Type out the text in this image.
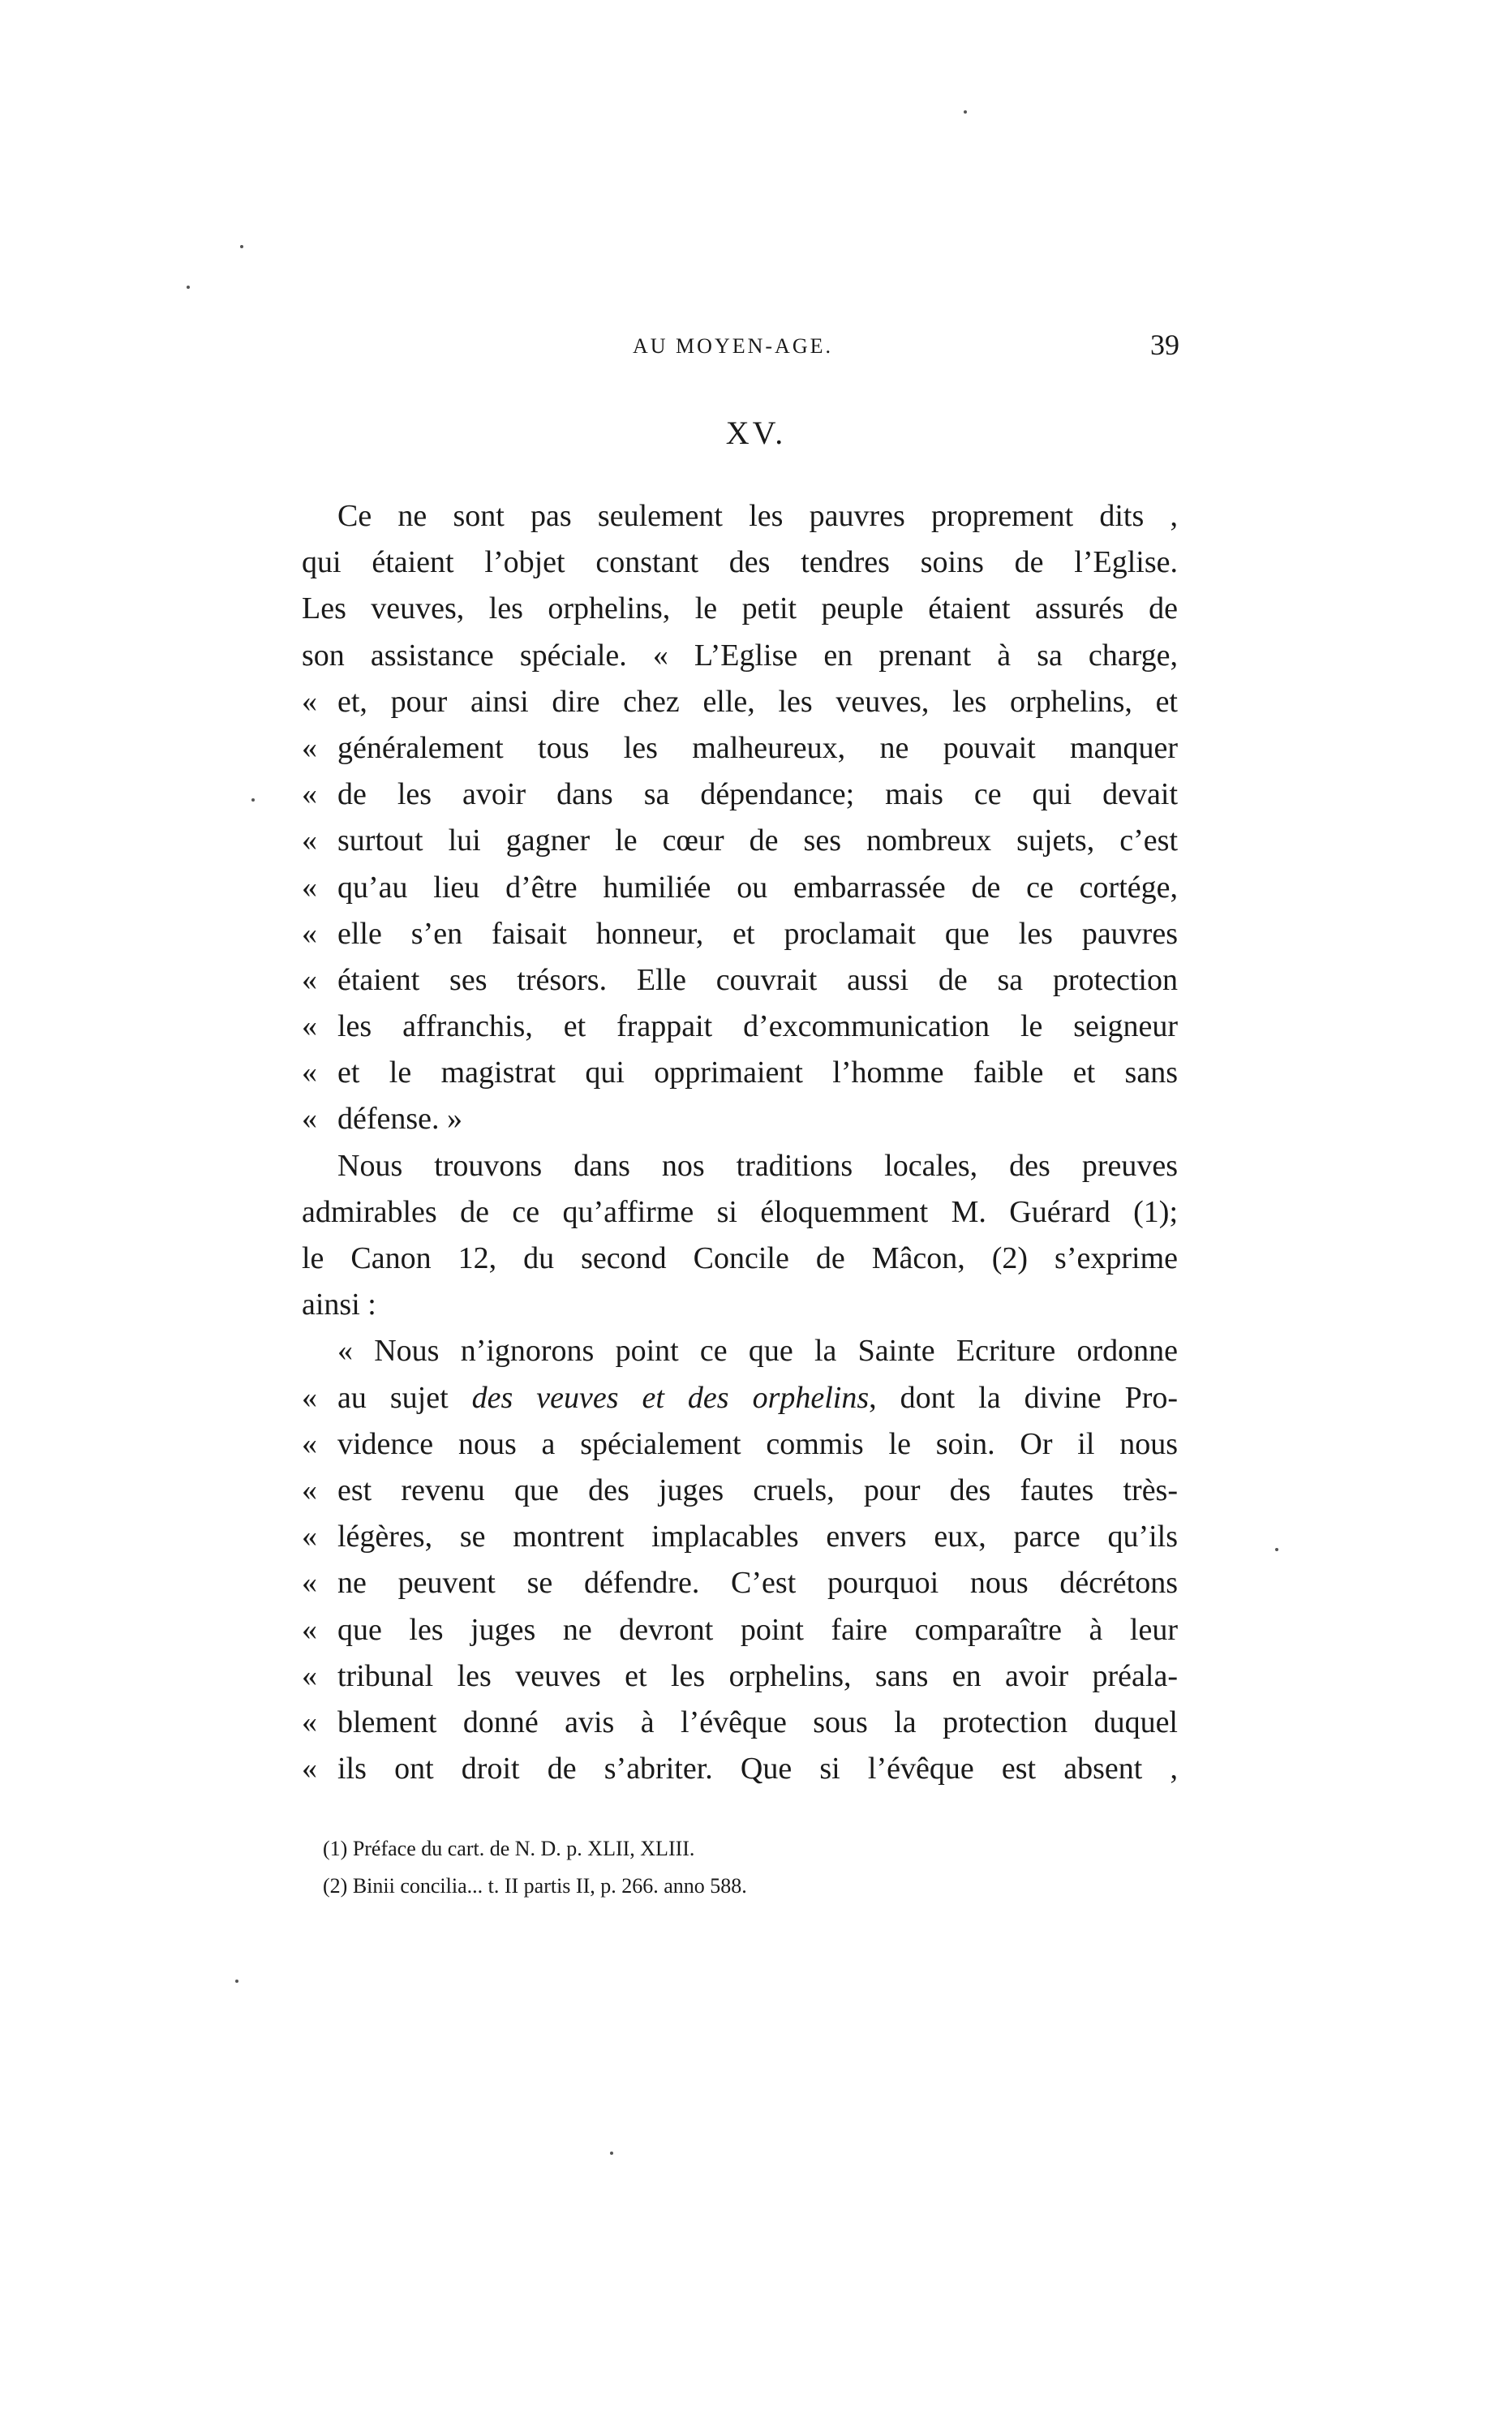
AU MOYEN-AGE.	39
XV.
Ce ne sont pas seulement les pauvres proprement dits ,
qui étaient l’objet constant des tendres soins de l’Eglise.
Les veuves, les orphelins, le petit peuple étaient assurés de
son assistance spéciale. « L’Eglise en prenant à sa charge,
« et, pour ainsi dire chez elle, les veuves, les orphelins, et
« généralement tous les malheureux, ne pouvait manquer
« de les avoir dans sa dépendance; mais ce qui devait
« surtout lui gagner le cœur de ses nombreux sujets, c’est
« qu’au lieu d’être humiliée ou embarrassée de ce cortége,
« elle s’en faisait honneur, et proclamait que les pauvres
« étaient ses trésors. Elle couvrait aussi de sa protection
« les affranchis, et frappait d’excommunication le seigneur
« et le magistrat qui opprimaient l’homme faible et sans
« défense. »
Nous trouvons dans nos traditions locales, des preuves
admirables de ce qu’affirme si éloquemment M. Guérard (1);
le Canon 12, du second Concile de Mâcon, (2) s’exprime
ainsi :
« Nous n’ignorons point ce que la Sainte Ecriture ordonne
« au sujet des veuves et des orphelins, dont la divine Pro-
« vidence nous a spécialement commis le soin. Or il nous
« est revenu que des juges cruels, pour des fautes très-
« légères, se montrent implacables envers eux, parce qu’ils
« ne peuvent se défendre. C’est pourquoi nous décrétons
« que les juges ne devront point faire comparaître à leur
« tribunal les veuves et les orphelins, sans en avoir préala-
« blement donné avis à l’évêque sous la protection duquel
« ils ont droit de s’abriter. Que si l’évêque est absent ,
(1) Préface du cart. de N. D. p. XLII, XLIII.
(2) Binii concilia... t. II partis II, p. 266. anno 588.
